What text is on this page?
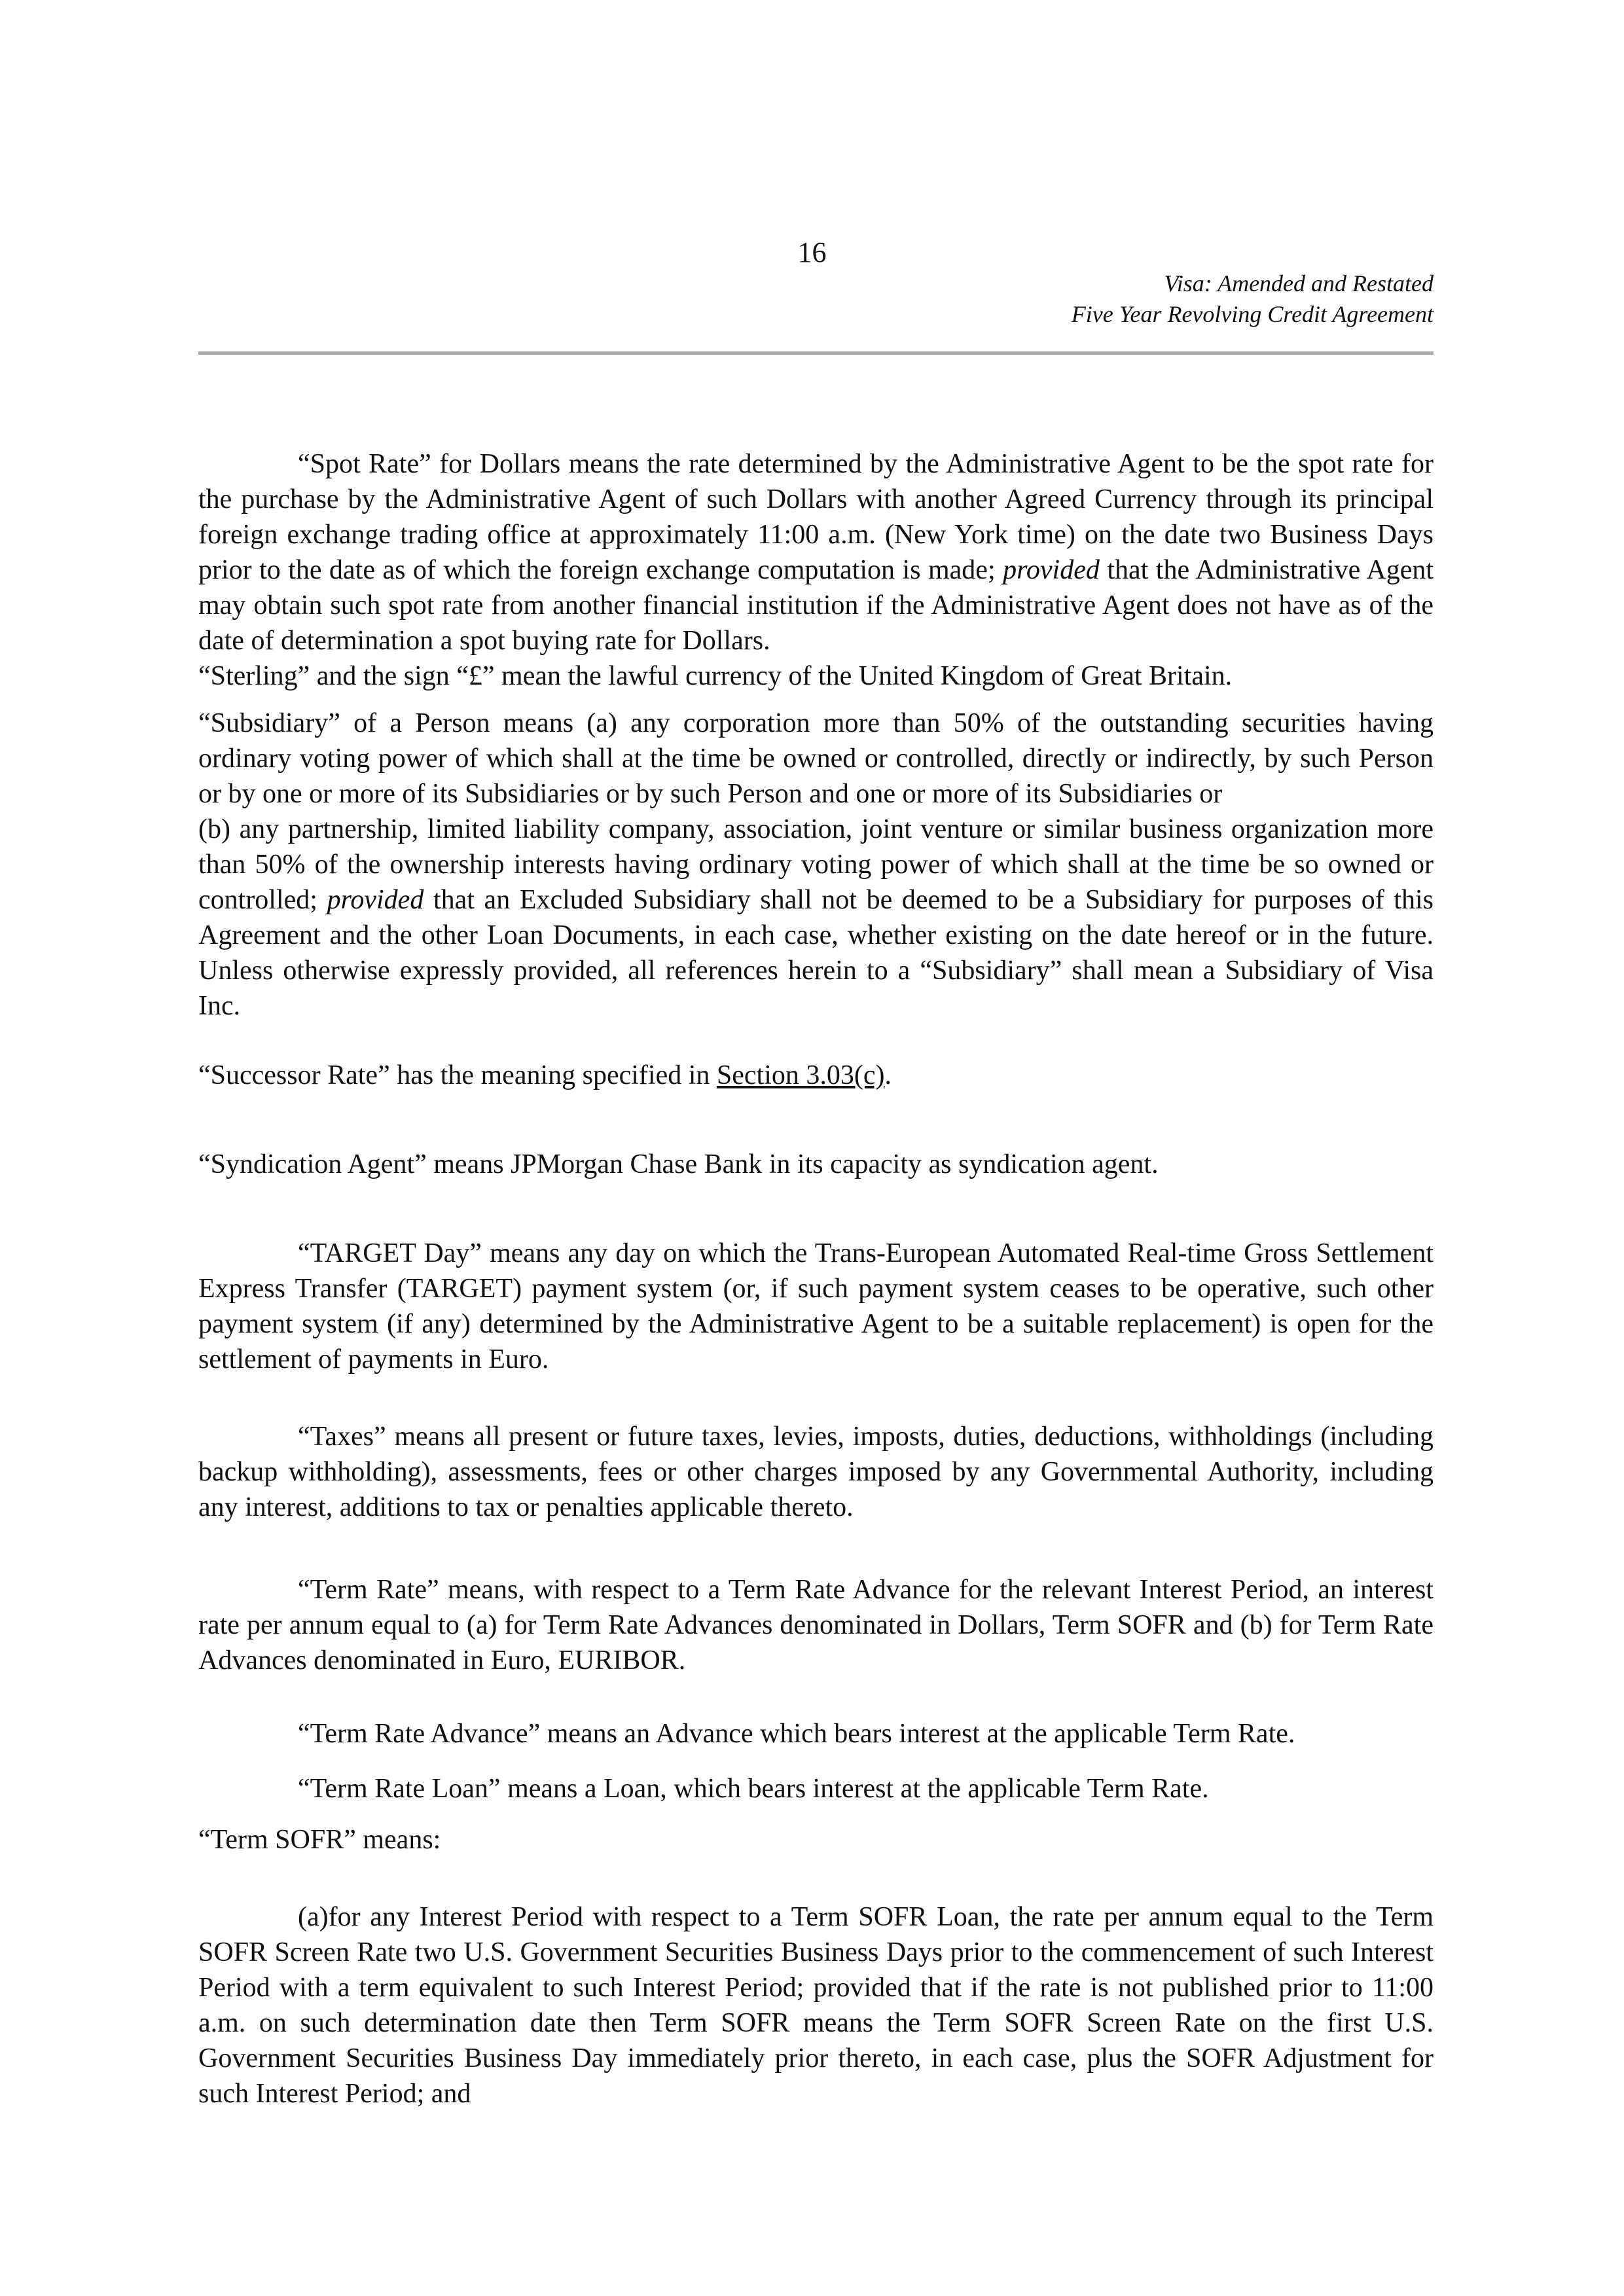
16
Visa: Amended and Restated
Five Year Revolving Credit Agreement

“Spot Rate” for Dollars means the rate determined by the Administrative Agent to be the spot rate for the purchase by the Administrative Agent of such Dollars with another Agreed Currency through its principal foreign exchange trading office at approximately 11:00 a.m. (New York time) on the date two Business Days prior to the date as of which the foreign exchange computation is made; provided that the Administrative Agent may obtain such spot rate from another financial institution if the Administrative Agent does not have as of the date of determination a spot buying rate for Dollars.

“Sterling” and the sign “£” mean the lawful currency of the United Kingdom of Great Britain.

“Subsidiary” of a Person means (a) any corporation more than 50% of the outstanding securities having ordinary voting power of which shall at the time be owned or controlled, directly or indirectly, by such Person or by one or more of its Subsidiaries or by such Person and one or more of its Subsidiaries or

(b) any partnership, limited liability company, association, joint venture or similar business organization more than 50% of the ownership interests having ordinary voting power of which shall at the time be so owned or controlled; provided that an Excluded Subsidiary shall not be deemed to be a Subsidiary for purposes of this Agreement and the other Loan Documents, in each case, whether existing on the date hereof or in the future. Unless otherwise expressly provided, all references herein to a “Subsidiary” shall mean a Subsidiary of Visa Inc.

“Successor Rate” has the meaning specified in Section 3.03(c).

“Syndication Agent” means JPMorgan Chase Bank in its capacity as syndication agent.

“TARGET Day” means any day on which the Trans-European Automated Real-time Gross Settlement Express Transfer (TARGET) payment system (or, if such payment system ceases to be operative, such other payment system (if any) determined by the Administrative Agent to be a suitable replacement) is open for the settlement of payments in Euro.

“Taxes” means all present or future taxes, levies, imposts, duties, deductions, withholdings (including backup withholding), assessments, fees or other charges imposed by any Governmental Authority, including any interest, additions to tax or penalties applicable thereto.

“Term Rate” means, with respect to a Term Rate Advance for the relevant Interest Period, an interest rate per annum equal to (a) for Term Rate Advances denominated in Dollars, Term SOFR and (b) for Term Rate Advances denominated in Euro, EURIBOR.

“Term Rate Advance” means an Advance which bears interest at the applicable Term Rate.

“Term Rate Loan” means a Loan, which bears interest at the applicable Term Rate.

“Term SOFR” means:

(a)for any Interest Period with respect to a Term SOFR Loan, the rate per annum equal to the Term SOFR Screen Rate two U.S. Government Securities Business Days prior to the commencement of such Interest Period with a term equivalent to such Interest Period; provided that if the rate is not published prior to 11:00 a.m. on such determination date then Term SOFR means the Term SOFR Screen Rate on the first U.S. Government Securities Business Day immediately prior thereto, in each case, plus the SOFR Adjustment for such Interest Period; and
